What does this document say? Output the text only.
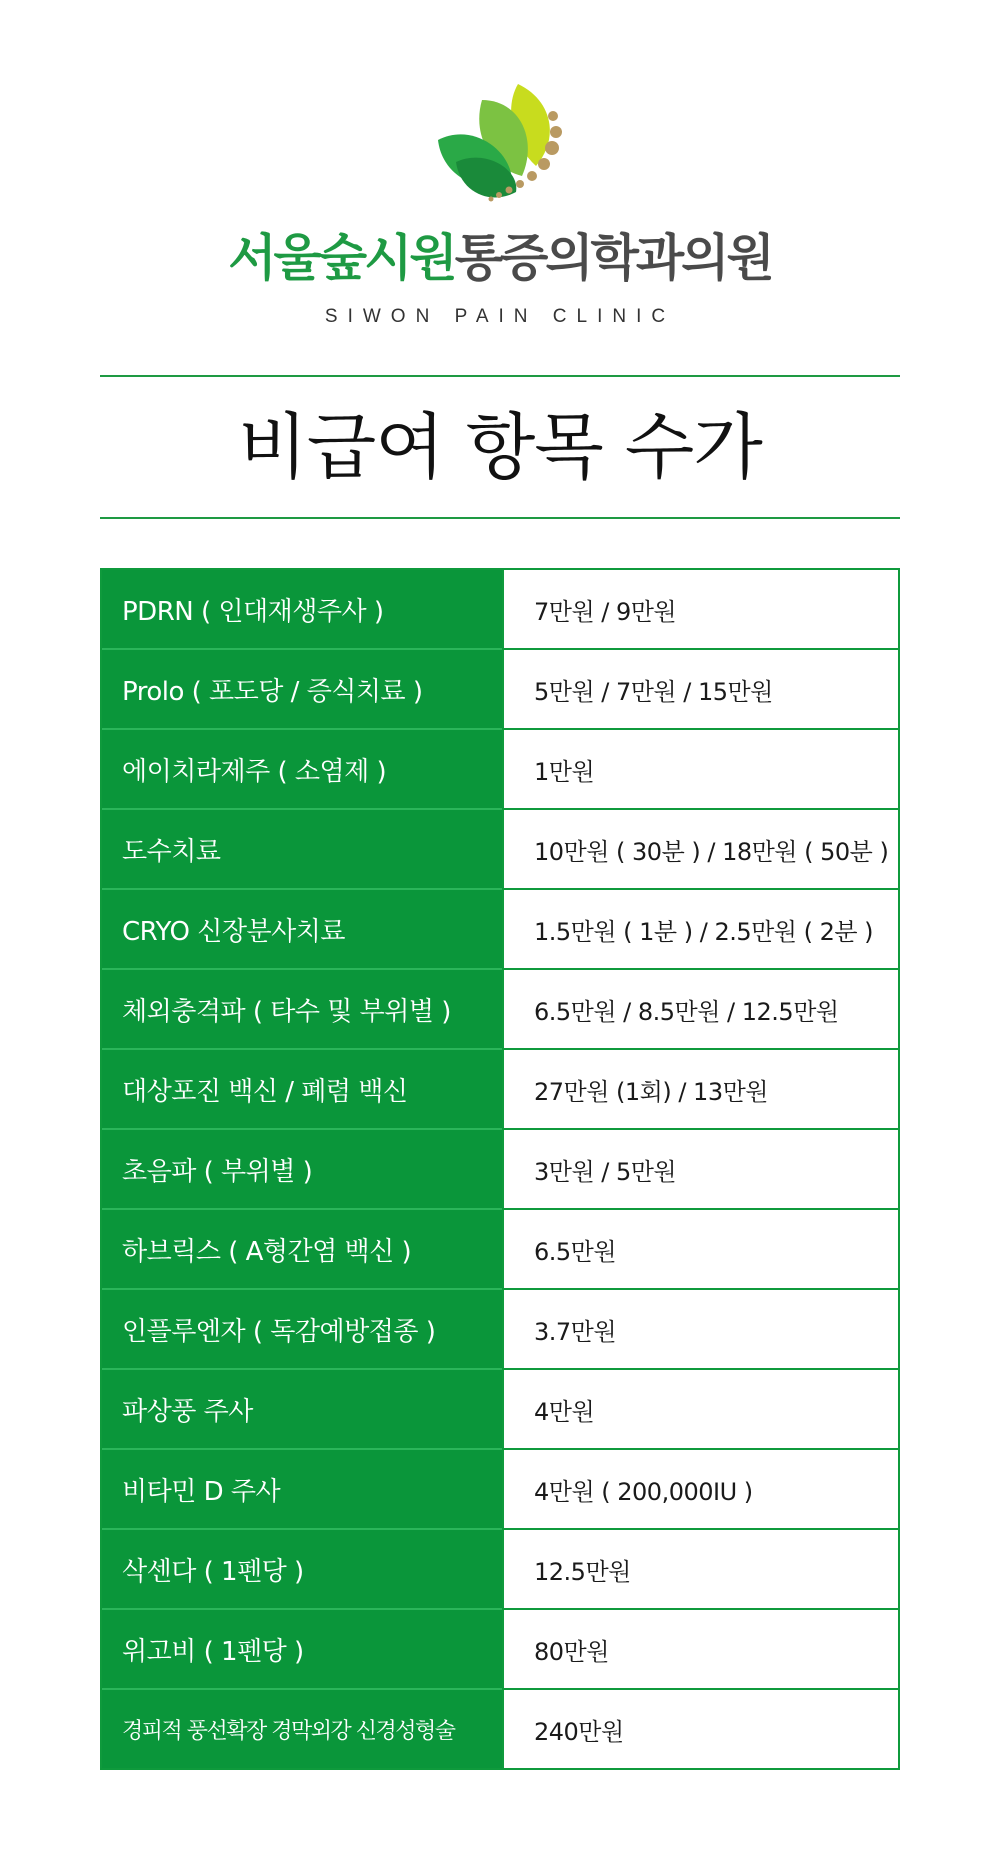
서울숲시원통증의학과의원
SIWON PAIN CLINIC
비급여 항목 수가
PDRN ( 인대재생주사 )	7만원 / 9만원
Prolo ( 포도당 / 증식치료 )	5만원 / 7만원 / 15만원
에이치라제주 ( 소염제 )	1만원
도수치료	10만원 ( 30분 ) / 18만원 ( 50분 )
CRYO 신장분사치료	1.5만원 ( 1분 ) / 2.5만원 ( 2분 )
체외충격파 ( 타수 및 부위별 )	6.5만원 / 8.5만원 / 12.5만원
대상포진 백신 / 폐렴 백신	27만원 (1회) / 13만원
초음파 ( 부위별 )	3만원 / 5만원
하브릭스 ( A형간염 백신 )	6.5만원
인플루엔자 ( 독감예방접종 )	3.7만원
파상풍 주사	4만원
비타민 D 주사	4만원 ( 200,000IU )
삭센다 ( 1펜당 )	12.5만원
위고비 ( 1펜당 )	80만원
경피적 풍선확장 경막외강 신경성형술	240만원
